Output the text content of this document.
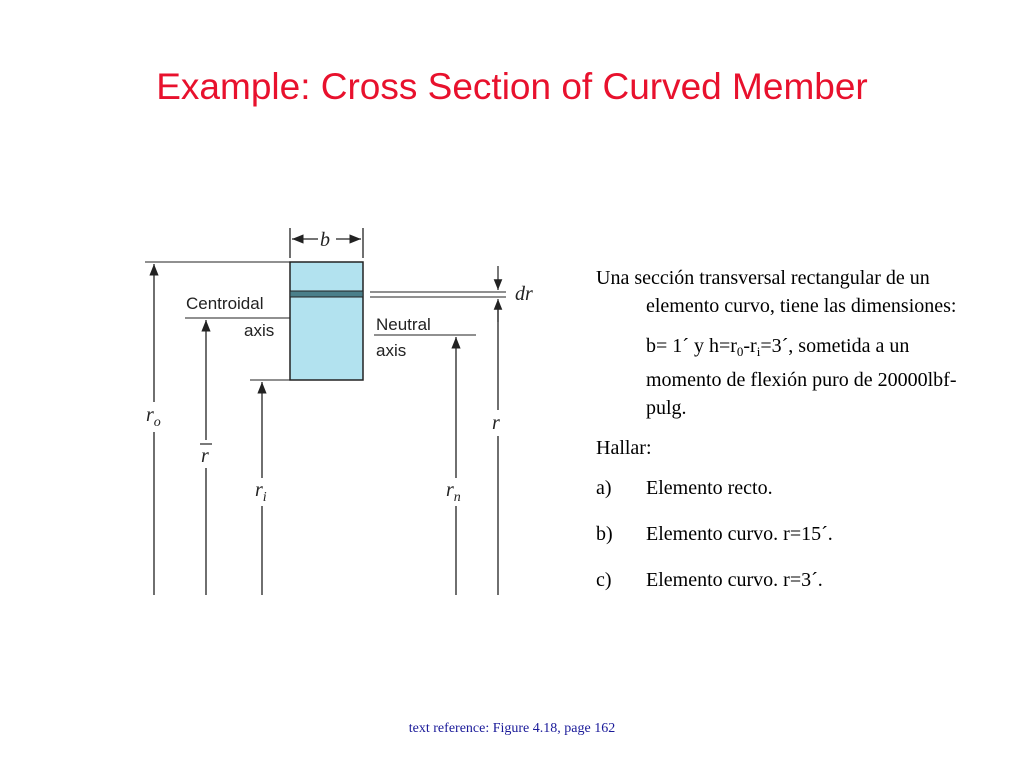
Example: Cross Section of Curved Member
b
dr
Centroidal
axis	Neutral
axis
$r_o$
r
$r_i$	$r_n$
r

Una sección transversal rectangular de un elemento curvo, tiene las dimensiones:

b= 1´ y $h=r_0-r_i=3´$, sometida a un momento de flexión puro de 20000lbf-pulg.

Hallar:

a)	Elemento recto.
b)	Elemento curvo. r=15´.
c)	Elemento curvo. r=3´.
text reference: Figure 4.18, page 162
